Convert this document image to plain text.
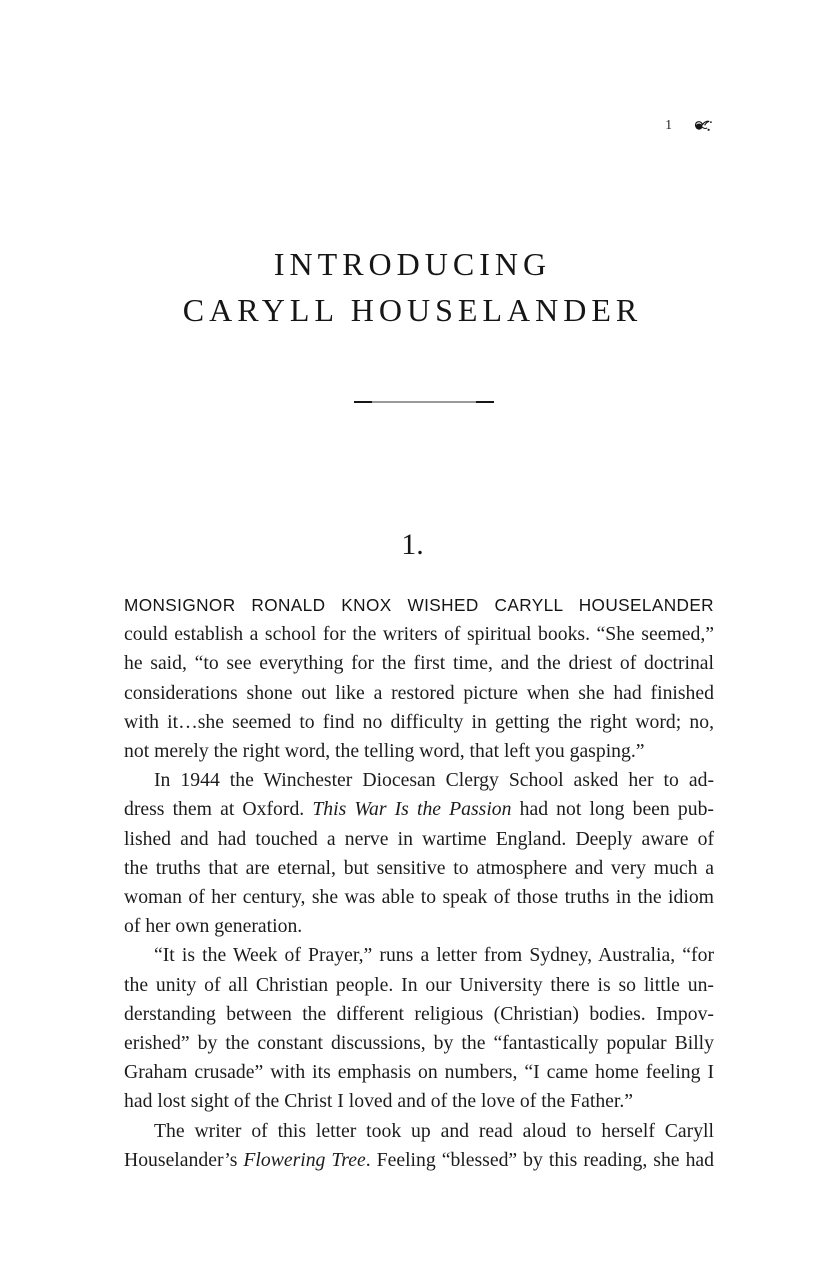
1
INTRODUCING
CARYLL HOUSELANDER
1.
MONSIGNOR RONALD KNOX WISHED CARYLL HOUSELANDER
could establish a school for the writers of spiritual books. “She seemed,”
he said, “to see everything for the first time, and the driest of doctrinal
considerations shone out like a restored picture when she had finished
with it…she seemed to find no difficulty in getting the right word; no,
not merely the right word, the telling word, that left you gasping.”
In 1944 the Winchester Diocesan Clergy School asked her to ad-
dress them at Oxford. This War Is the Passion had not long been pub-
lished and had touched a nerve in wartime England. Deeply aware of
the truths that are eternal, but sensitive to atmosphere and very much a
woman of her century, she was able to speak of those truths in the idiom
of her own generation.
“It is the Week of Prayer,” runs a letter from Sydney, Australia, “for
the unity of all Christian people. In our University there is so little un-
derstanding between the different religious (Christian) bodies. Impov-
erished” by the constant discussions, by the “fantastically popular Billy
Graham crusade” with its emphasis on numbers, “I came home feeling I
had lost sight of the Christ I loved and of the love of the Father.”
The writer of this letter took up and read aloud to herself Caryll
Houselander’s Flowering Tree. Feeling “blessed” by this reading, she had
